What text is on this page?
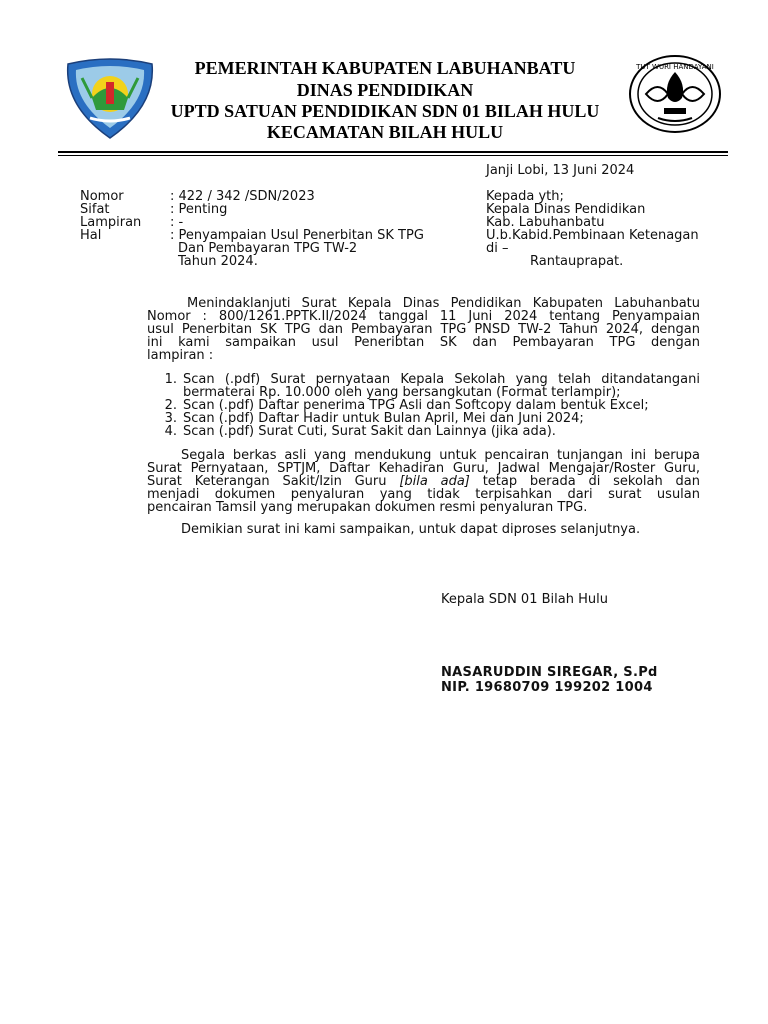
TUT WURI HANDAYANI
PEMERINTAH KABUPATEN LABUHANBATU
DINAS PENDIDIKAN
UPTD SATUAN PENDIDIKAN SDN 01 BILAH HULU
KECAMATAN BILAH HULU
Janji Lobi, 13 Juni 2024
Nomor	: 422 / 342 /SDN/2023
Sifat	: Penting
Lampiran : -
Hal	: Penyampaian Usul Penerbitan SK TPG
Dan Pembayaran TPG TW-2
Tahun 2024.
Kepada yth;
Kepala Dinas Pendidikan
Kab. Labuhanbatu
U.b.Kabid.Pembinaan Ketenagan
di –
Rantauprapat.
Menindaklanjuti Surat Kepala Dinas Pendidikan Kabupaten Labuhanbatu
Nomor : 800/1261.PPTK.II/2024 tanggal 11 Juni 2024 tentang Penyampaian
usul Penerbitan SK TPG dan Pembayaran TPG PNSD TW-2 Tahun 2024, dengan
ini kami sampaikan usul Peneribtan SK dan Pembayaran TPG dengan
lampiran :
1. Scan (.pdf) Surat pernyataan Kepala Sekolah yang telah ditandatangani
bermaterai Rp. 10.000 oleh yang bersangkutan (Format terlampir);
2. Scan (.pdf) Daftar penerima TPG Asli dan Softcopy dalam bentuk Excel;
3. Scan (.pdf) Daftar Hadir untuk Bulan April, Mei dan Juni 2024;
4. Scan (.pdf) Surat Cuti, Surat Sakit dan Lainnya (jika ada).
Segala berkas asli yang mendukung untuk pencairan tunjangan ini berupa
Surat Pernyataan, SPTJM, Daftar Kehadiran Guru, Jadwal Mengajar/Roster Guru,
Surat Keterangan Sakit/Izin Guru [bila ada] tetap berada di sekolah dan
menjadi dokumen penyaluran yang tidak terpisahkan dari surat usulan
pencairan Tamsil yang merupakan dokumen resmi penyaluran TPG.
Demikian surat ini kami sampaikan, untuk dapat diproses selanjutnya.
Kepala SDN 01 Bilah Hulu
NASARUDDIN SIREGAR, S.Pd
NIP. 19680709 199202 1004
